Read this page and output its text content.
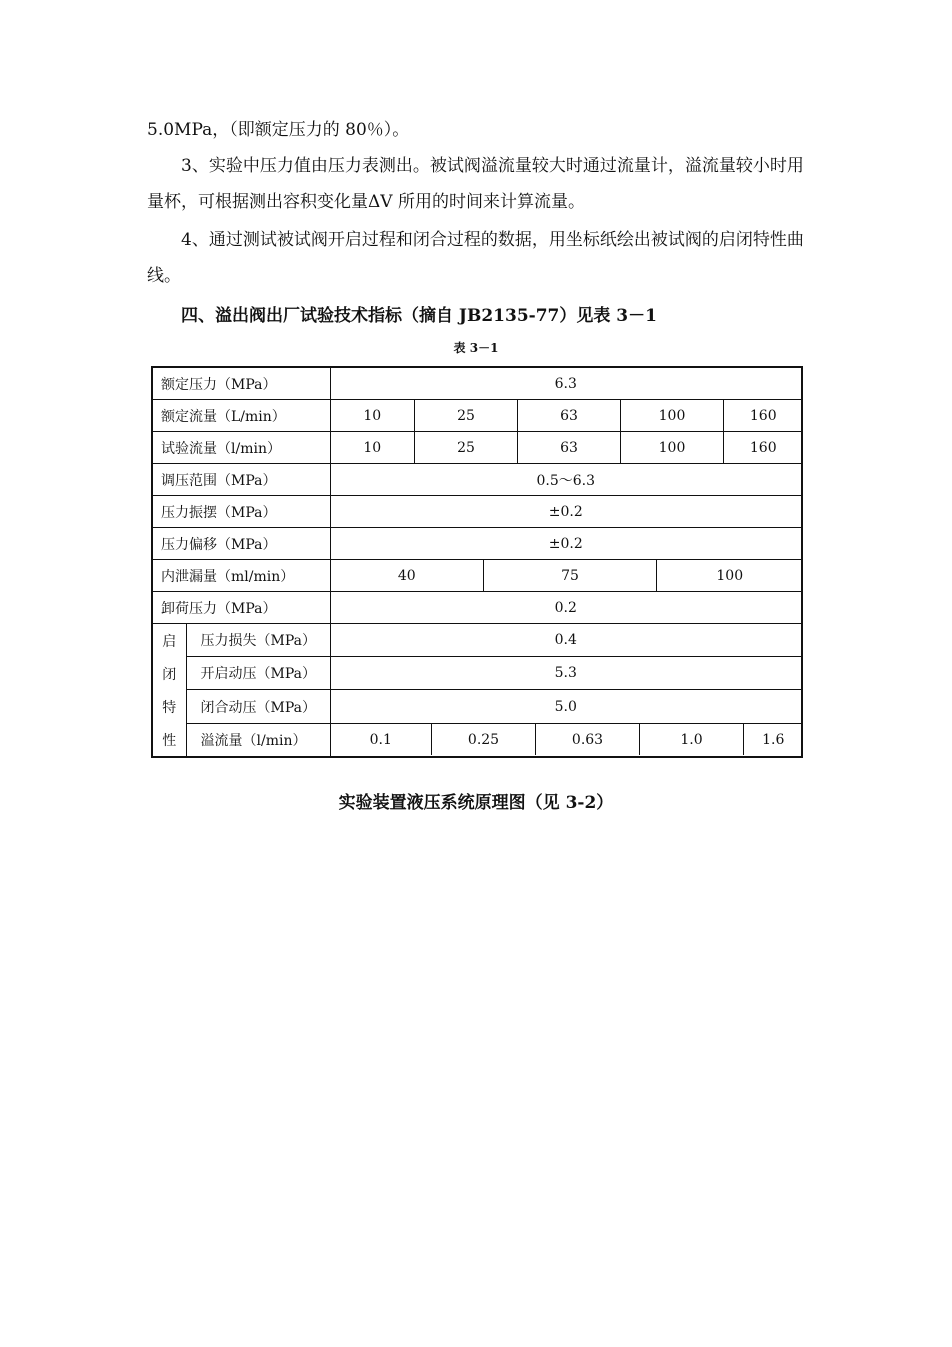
5.0MPa，（即额定压力的 80％）。

3、实验中压力值由压力表测出。被试阀溢流量较大时通过流量计，溢流量较小时用量杯，可根据测出容积变化量ΔV 所用的时间来计算流量。

4、通过测试被试阀开启过程和闭合过程的数据，用坐标纸绘出被试阀的启闭特性曲线。

四、溢出阀出厂试验技术指标（摘自 JB2135-77）见表 3－1

表 3－1
额定压力（MPa）	6.3
额定流量（L/min）		10	25	63	100	160

试验流量（l/min）		10	25	63	100	160

调压范围（MPa）	0.5～6.3
压力振摆（MPa）	±0.2
压力偏移（MPa）	±0.2
内泄漏量（ml/min）		40	75	100

卸荷压力（MPa）	0.2

启
闭
特
性
	压力损失（MPa）	0.4
开启动压（MPa）	5.3
闭合动压（MPa）	5.0
溢流量（l/min）		0.1	0.25	0.63	1.0	1.6
实验装置液压系统原理图（见 3-2）
